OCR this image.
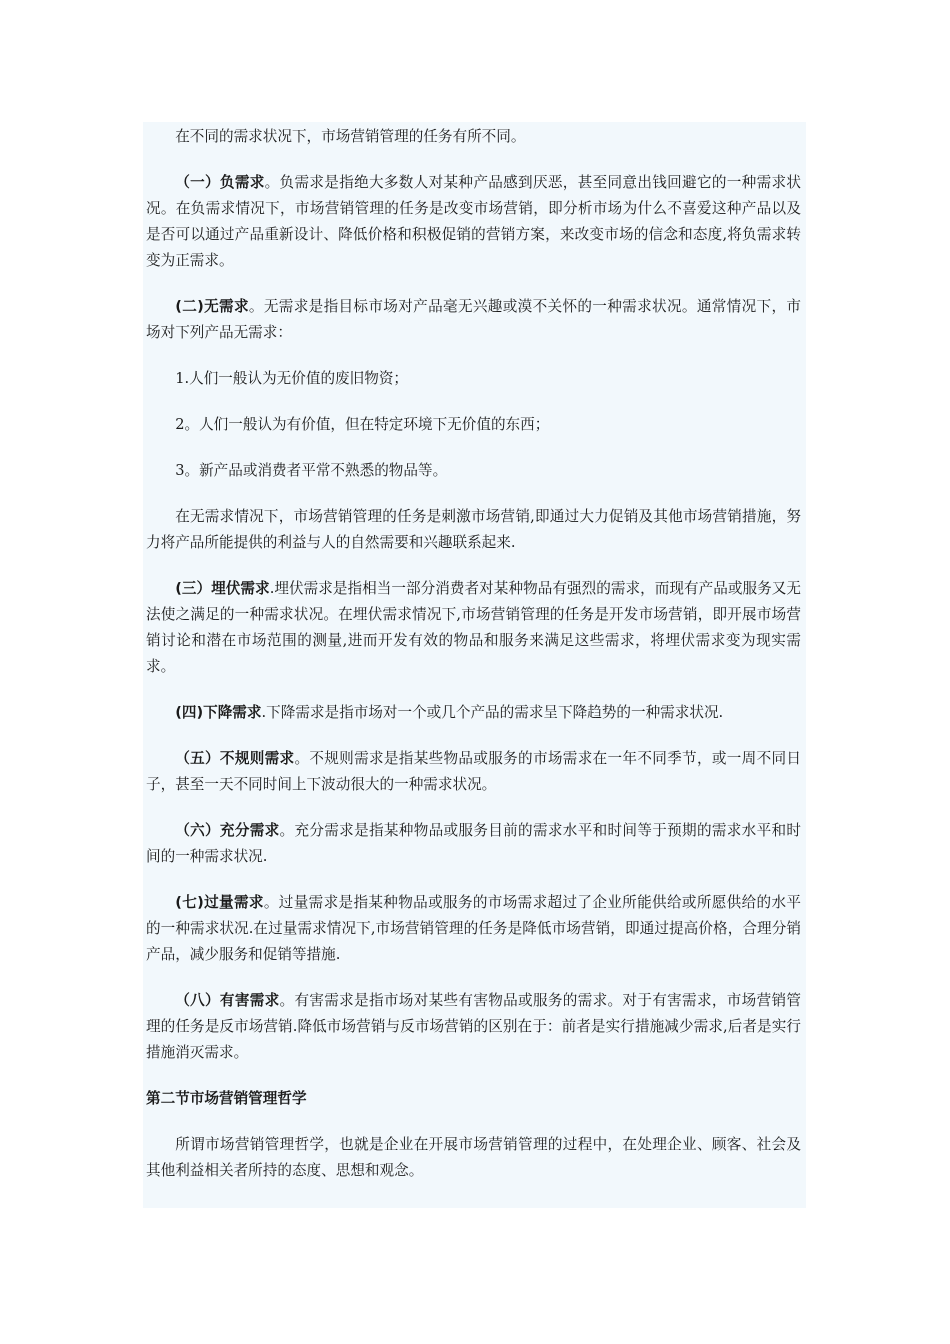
在不同的需求状况下，市场营销管理的任务有所不同。

（一）负需求。负需求是指绝大多数人对某种产品感到厌恶，甚至同意出钱回避它的一种需求状况。在负需求情况下，市场营销管理的任务是改变市场营销，即分析市场为什么不喜爱这种产品以及是否可以通过产品重新设计、降低价格和积极促销的营销方案，来改变市场的信念和态度,将负需求转变为正需求。

(二)无需求。无需求是指目标市场对产品毫无兴趣或漠不关怀的一种需求状况。通常情况下，市场对下列产品无需求：

1.人们一般认为无价值的废旧物资；

2。人们一般认为有价值，但在特定环境下无价值的东西；

3。新产品或消费者平常不熟悉的物品等。

在无需求情况下，市场营销管理的任务是刺激市场营销,即通过大力促销及其他市场营销措施，努力将产品所能提供的利益与人的自然需要和兴趣联系起来.

(三）埋伏需求.埋伏需求是指相当一部分消费者对某种物品有强烈的需求，而现有产品或服务又无法使之满足的一种需求状况。在埋伏需求情况下,市场营销管理的任务是开发市场营销，即开展市场营销讨论和潜在市场范围的测量,进而开发有效的物品和服务来满足这些需求，将埋伏需求变为现实需求。

(四)下降需求.下降需求是指市场对一个或几个产品的需求呈下降趋势的一种需求状况.

（五）不规则需求。不规则需求是指某些物品或服务的市场需求在一年不同季节，或一周不同日子，甚至一天不同时间上下波动很大的一种需求状况。

（六）充分需求。充分需求是指某种物品或服务目前的需求水平和时间等于预期的需求水平和时间的一种需求状况.

(七)过量需求。过量需求是指某种物品或服务的市场需求超过了企业所能供给或所愿供给的水平的一种需求状况.在过量需求情况下,市场营销管理的任务是降低市场营销，即通过提高价格，合理分销产品，减少服务和促销等措施.

（八）有害需求。有害需求是指市场对某些有害物品或服务的需求。对于有害需求，市场营销管理的任务是反市场营销.降低市场营销与反市场营销的区别在于：前者是实行措施减少需求,后者是实行措施消灭需求。

第二节市场营销管理哲学

所谓市场营销管理哲学，也就是企业在开展市场营销管理的过程中，在处理企业、顾客、社会及其他利益相关者所持的态度、思想和观念。
